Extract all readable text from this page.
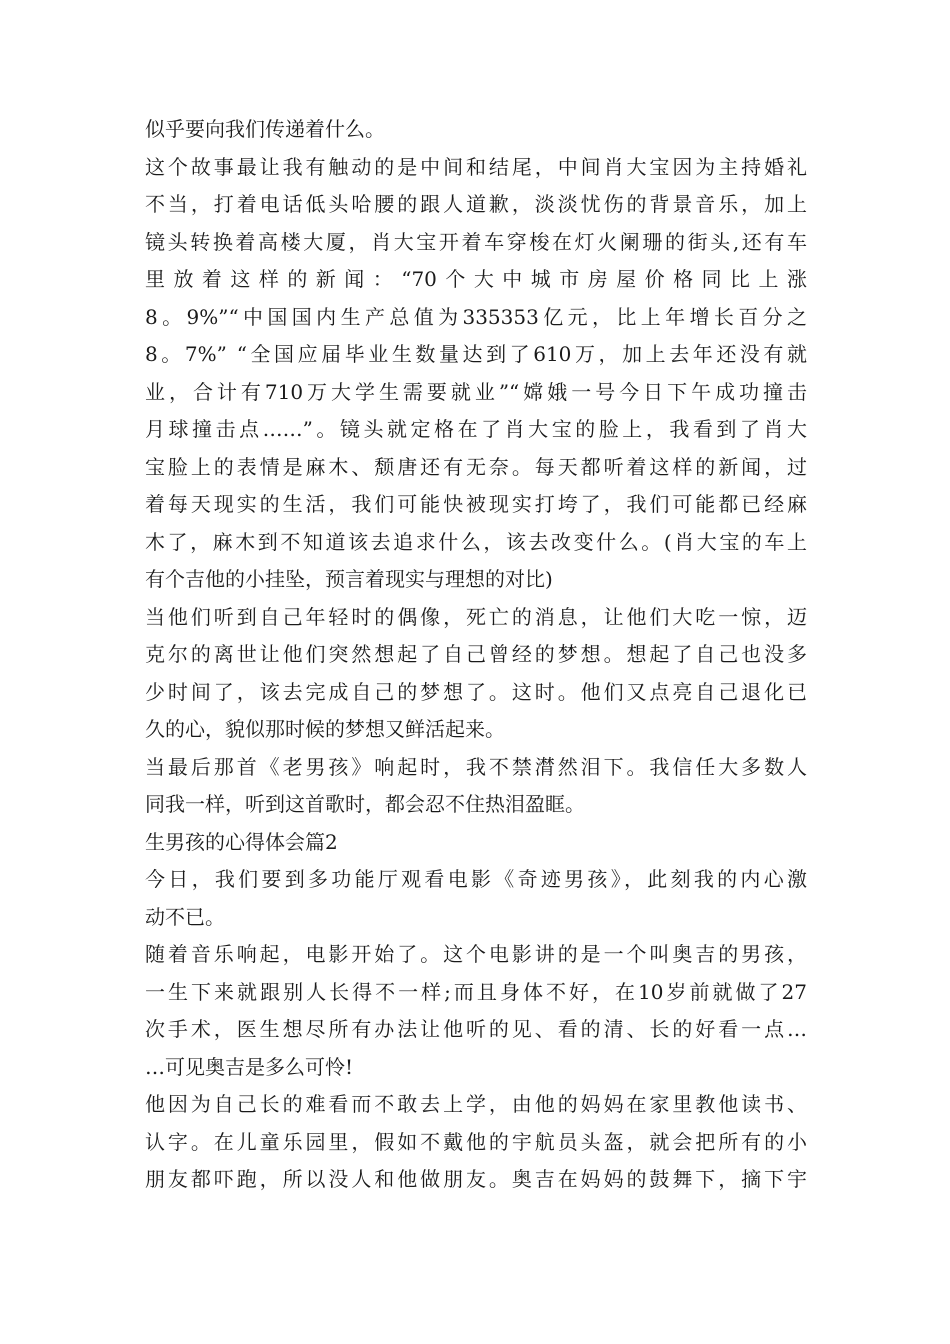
似乎要向我们传递着什么。
这个故事最让我有触动的是中间和结尾，中间肖大宝因为主持婚礼
不当，打着电话低头哈腰的跟人道歉，淡淡忧伤的背景音乐，加上
镜头转换着高楼大厦，肖大宝开着车穿梭在灯火阑珊的街头,还有车
里放着这样的新闻：“70个大中城市房屋价格同比上涨
8。9%”“中国国内生产总值为335353亿元，比上年增长百分之
8。7%” “全国应届毕业生数量达到了610万，加上去年还没有就
业，合计有710万大学生需要就业”“嫦娥一号今日下午成功撞击
月球撞击点……”。镜头就定格在了肖大宝的脸上，我看到了肖大
宝脸上的表情是麻木、颓唐还有无奈。每天都听着这样的新闻，过
着每天现实的生活，我们可能快被现实打垮了，我们可能都已经麻
木了，麻木到不知道该去追求什么，该去改变什么。(肖大宝的车上
有个吉他的小挂坠，预言着现实与理想的对比)
当他们听到自己年轻时的偶像，死亡的消息，让他们大吃一惊，迈
克尔的离世让他们突然想起了自己曾经的梦想。想起了自己也没多
少时间了，该去完成自己的梦想了。这时。他们又点亮自己退化已
久的心，貌似那时候的梦想又鲜活起来。
当最后那首《老男孩》响起时，我不禁潸然泪下。我信任大多数人
同我一样，听到这首歌时，都会忍不住热泪盈眶。
生男孩的心得体会篇2
今日，我们要到多功能厅观看电影《奇迹男孩》，此刻我的内心激
动不已。
随着音乐响起，电影开始了。这个电影讲的是一个叫奥吉的男孩，
一生下来就跟别人长得不一样;而且身体不好，在10岁前就做了27
次手术，医生想尽所有办法让他听的见、看的清、长的好看一点…
…可见奥吉是多么可怜!
他因为自己长的难看而不敢去上学，由他的妈妈在家里教他读书、
认字。在儿童乐园里，假如不戴他的宇航员头盔，就会把所有的小
朋友都吓跑，所以没人和他做朋友。奥吉在妈妈的鼓舞下，摘下宇
